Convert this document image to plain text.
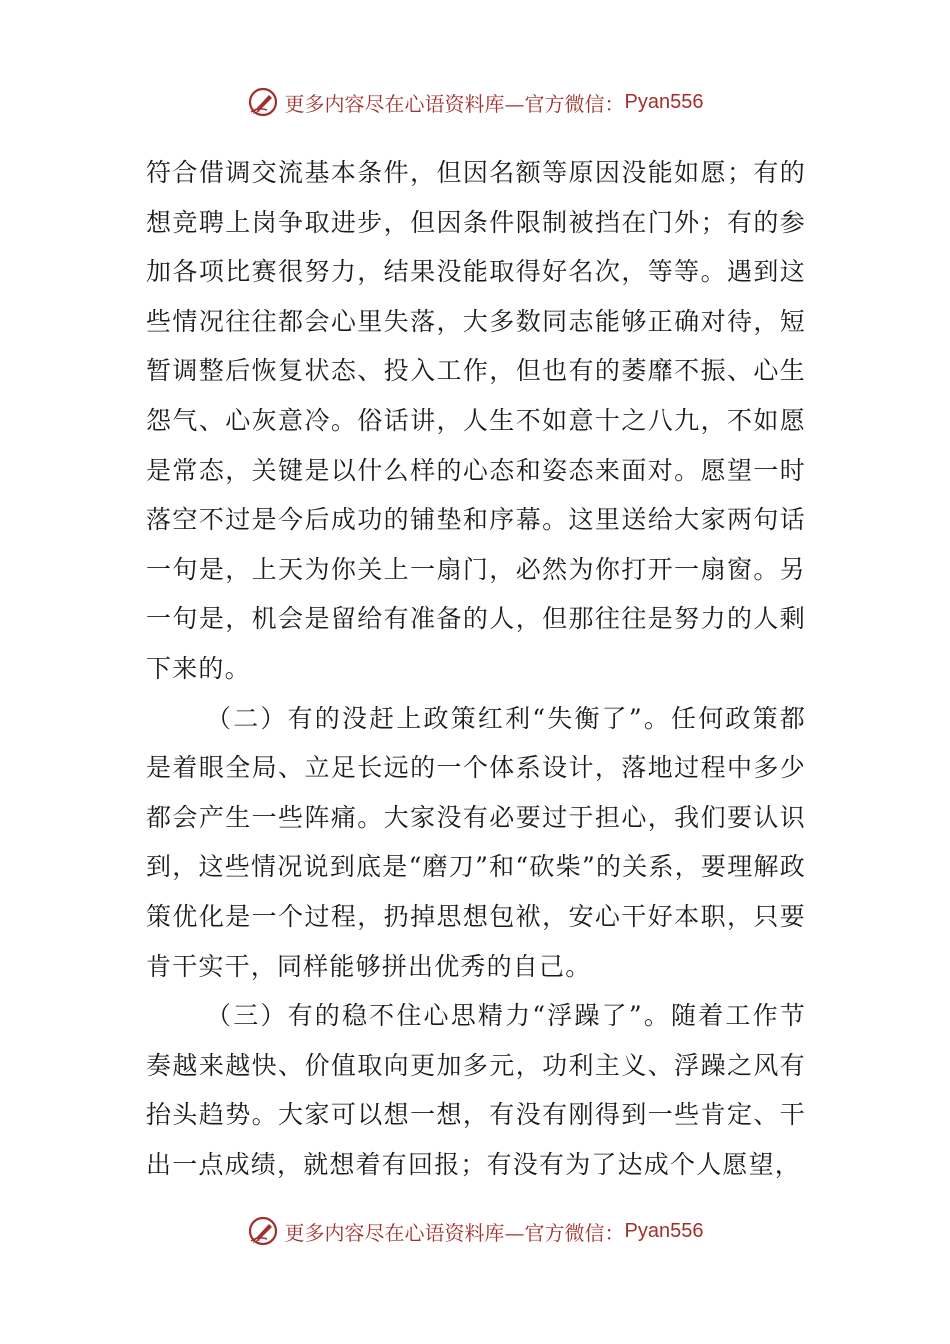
更多内容尽在心语资料库—官方微信： Pyan556

符合借调交流基本条件，但因名额等原因没能如愿；有的想竞聘上岗争取进步，但因条件限制被挡在门外；有的参加各项比赛很努力，结果没能取得好名次，等等。遇到这些情况往往都会心里失落，大多数同志能够正确对待，短暂调整后恢复状态、投入工作，但也有的萎靡不振、心生怨气、心灰意冷。俗话讲，人生不如意十之八九，不如愿是常态，关键是以什么样的心态和姿态来面对。愿望一时落空不过是今后成功的铺垫和序幕。这里送给大家两句话一句是，上天为你关上一扇门，必然为你打开一扇窗。另一句是，机会是留给有准备的人，但那往往是努力的人剩下来的。

（二）有的没赶上政策红利“失衡了”。任何政策都是着眼全局、立足长远的一个体系设计，落地过程中多少都会产生一些阵痛。大家没有必要过于担心，我们要认识到，这些情况说到底是“磨刀”和“砍柴”的关系，要理解政策优化是一个过程，扔掉思想包袱，安心干好本职，只要肯干实干，同样能够拼出优秀的自己。

（三）有的稳不住心思精力“浮躁了”。随着工作节奏越来越快、价值取向更加多元，功利主义、浮躁之风有抬头趋势。大家可以想一想，有没有刚得到一些肯定、干出一点成绩，就想着有回报；有没有为了达成个人愿望，

更多内容尽在心语资料库—官方微信： Pyan556
